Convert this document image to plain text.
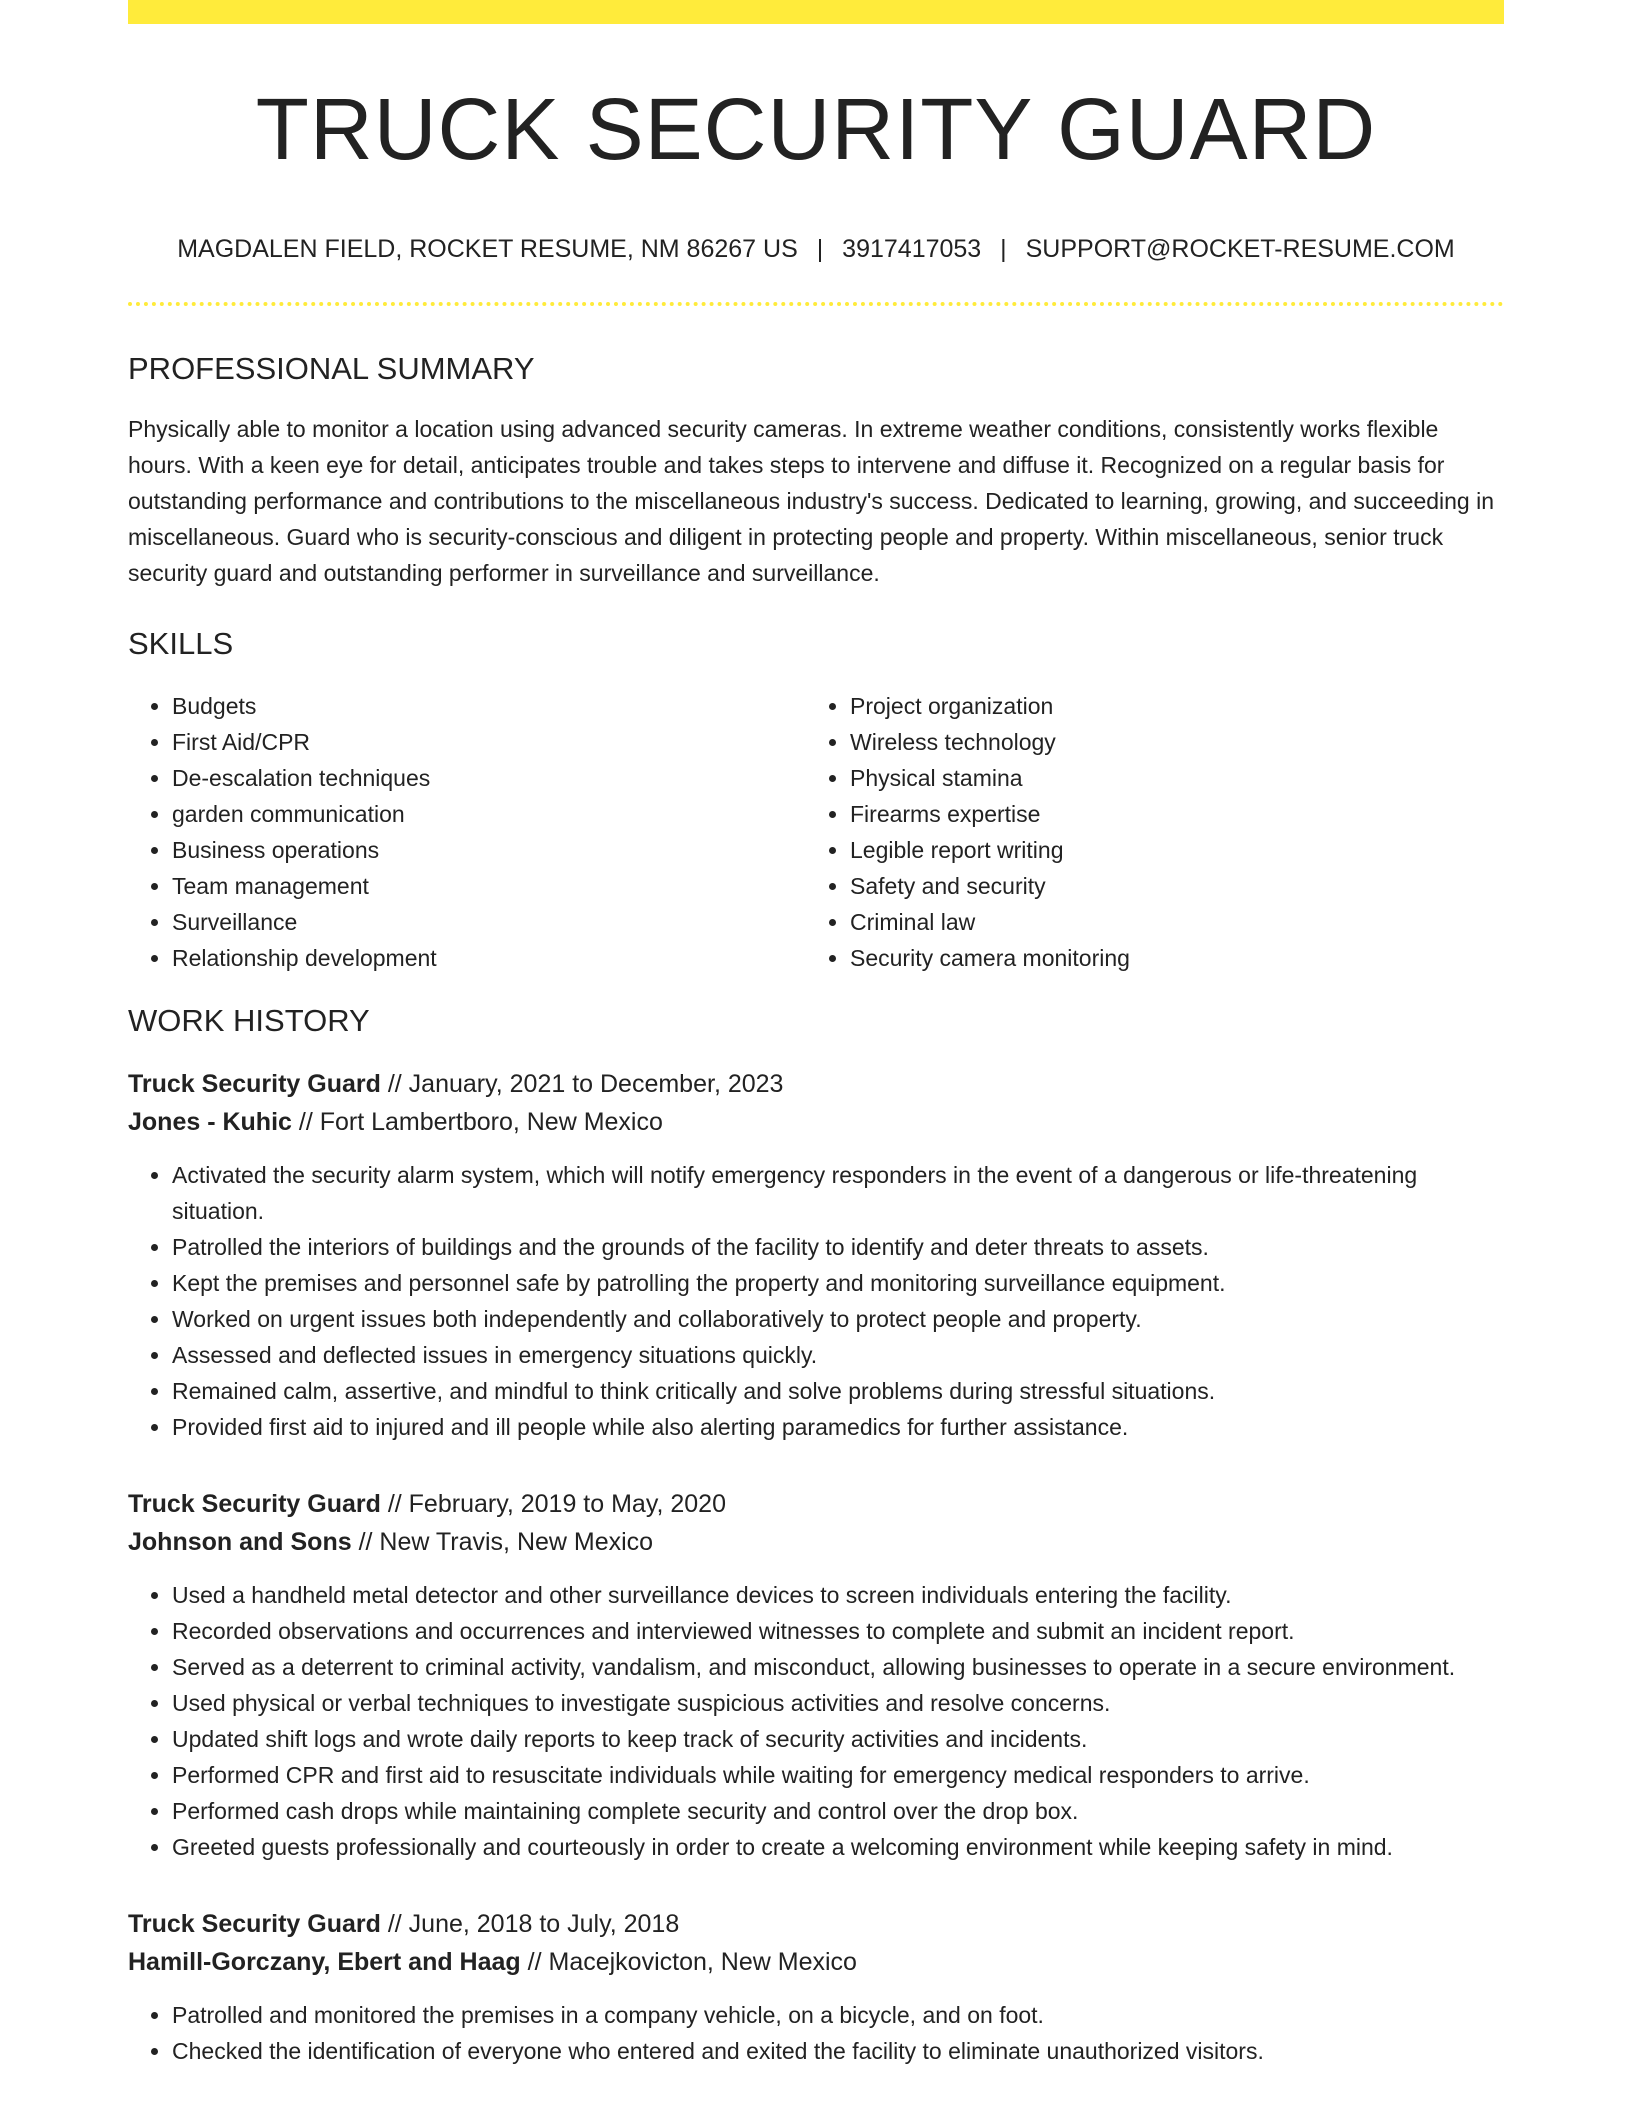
TRUCK SECURITY GUARD
MAGDALEN FIELD, ROCKET RESUME, NM 86267 US | 3917417053 | SUPPORT@ROCKET-RESUME.COM
PROFESSIONAL SUMMARY

Physically able to monitor a location using advanced security cameras. In extreme weather conditions, consistently works flexible hours. With a keen eye for detail, anticipates trouble and takes steps to intervene and diffuse it. Recognized on a regular basis for outstanding performance and contributions to the miscellaneous industry's success. Dedicated to learning, growing, and succeeding in miscellaneous. Guard who is security-conscious and diligent in protecting people and property. Within miscellaneous, senior truck security guard and outstanding performer in surveillance and surveillance.

SKILLS
• Budgets
• First Aid/CPR
• De-escalation techniques
• garden communication
• Business operations
• Team management
• Surveillance
• Relationship development
• Project organization
• Wireless technology
• Physical stamina
• Firearms expertise
• Legible report writing
• Safety and security
• Criminal law
• Security camera monitoring
WORK HISTORY
Truck Security Guard // January, 2021 to December, 2023
Jones - Kuhic // Fort Lambertboro, New Mexico
• Activated the security alarm system, which will notify emergency responders in the event of a dangerous or life-threatening situation.
• Patrolled the interiors of buildings and the grounds of the facility to identify and deter threats to assets.
• Kept the premises and personnel safe by patrolling the property and monitoring surveillance equipment.
• Worked on urgent issues both independently and collaboratively to protect people and property.
• Assessed and deflected issues in emergency situations quickly.
• Remained calm, assertive, and mindful to think critically and solve problems during stressful situations.
• Provided first aid to injured and ill people while also alerting paramedics for further assistance.
Truck Security Guard // February, 2019 to May, 2020
Johnson and Sons // New Travis, New Mexico
• Used a handheld metal detector and other surveillance devices to screen individuals entering the facility.
• Recorded observations and occurrences and interviewed witnesses to complete and submit an incident report.
• Served as a deterrent to criminal activity, vandalism, and misconduct, allowing businesses to operate in a secure environment.
• Used physical or verbal techniques to investigate suspicious activities and resolve concerns.
• Updated shift logs and wrote daily reports to keep track of security activities and incidents.
• Performed CPR and first aid to resuscitate individuals while waiting for emergency medical responders to arrive.
• Performed cash drops while maintaining complete security and control over the drop box.
• Greeted guests professionally and courteously in order to create a welcoming environment while keeping safety in mind.
Truck Security Guard // June, 2018 to July, 2018
Hamill-Gorczany, Ebert and Haag // Macejkovicton, New Mexico
• Patrolled and monitored the premises in a company vehicle, on a bicycle, and on foot.
• Checked the identification of everyone who entered and exited the facility to eliminate unauthorized visitors.
